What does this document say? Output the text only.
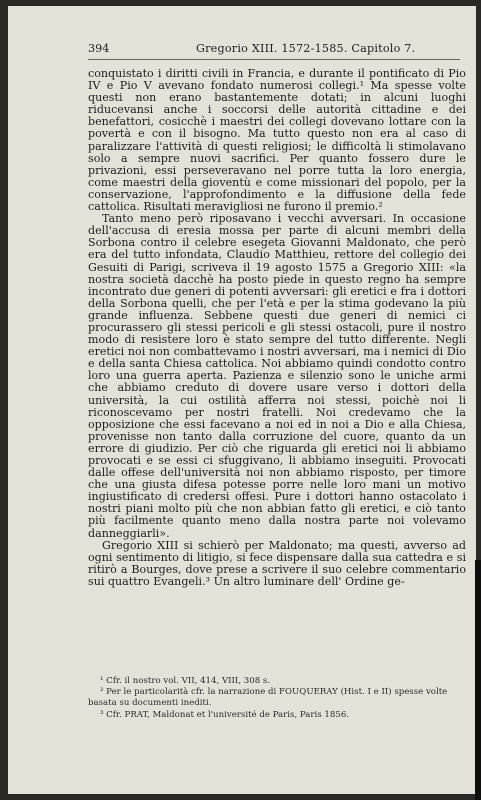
394	Gregorio XIII. 1572-1585. Capitolo 7.

conquistato i diritti civili in Francia, e durante il pontificato di Pio IV e Pio V avevano fondato numerosi collegi.¹ Ma spesse volte questi non erano bastantemente dotati; in alcuni luoghi riducevansi anche i soccorsi delle autorità cittadine e dei benefattori, cosicchè i maestri dei collegi dovevano lottare con la povertà e con il bisogno. Ma tutto questo non era al caso di paralizzare l'attività di questi religiosi; le difficoltà li stimolavano solo a sempre nuovi sacrifici. Per quanto fossero dure le privazioni, essi perseveravano nel porre tutta la loro energia, come maestri della gioventù e come missionari del popolo, per la conservazione, l'approfondimento e la diffusione della fede cattolica. Risultati meravigliosi ne furono il premio.²

Tanto meno però riposavano i vecchi avversari. In occasione dell'accusa di eresia mossa per parte di alcuni membri della Sorbona contro il celebre esegeta Giovanni Maldonato, che però era del tutto infondata, Claudio Matthieu, rettore del collegio dei Gesuiti di Parigi, scriveva il 19 agosto 1575 a Gregorio XIII: «la nostra società dacchè ha posto piede in questo regno ha sempre incontrato due generi di potenti avversari: gli eretici e fra i dottori della Sorbona quelli, che per l'età e per la stima godevano la più grande influenza. Sebbene questi due generi di nemici ci procurassero gli stessi pericoli e gli stessi ostacoli, pure il nostro modo di resistere loro è stato sempre del tutto differente. Negli eretici noi non combattevamo i nostri avversari, ma i nemici di Dio e della santa Chiesa cattolica. Noi abbiamo quindi condotto contro loro una guerra aperta. Pazienza e silenzio sono le uniche armi che abbiamo creduto di dovere usare verso i dottori della università, la cui ostilità afferra noi stessi, poichè noi li riconoscevamo per nostri fratelli. Noi credevamo che la opposizione che essi facevano a noi ed in noi a Dio e alla Chiesa, provenisse non tanto dalla corruzione del cuore, quanto da un errore di giudizio. Per ciò che riguarda gli eretici noi li abbiamo provocati e se essi ci sfuggivano, li abbiamo inseguiti. Provocati dalle offese dell'università noi non abbiamo risposto, per timore che una giusta difesa potesse porre nelle loro mani un motivo ingiustificato di credersi offesi. Pure i dottori hanno ostacolato i nostri piani molto più che non abbian fatto gli eretici, e ciò tanto più facilmente quanto meno dalla nostra parte noi volevamo danneggiarli».

Gregorio XIII si schierò per Maldonato; ma questi, avverso ad ogni sentimento di litigio, si fece dispensare dalla sua cattedra e si ritirò a Bourges, dove prese a scrivere il suo celebre commentario sui quattro Evangeli.³ Un altro luminare dell' Ordine ge-

¹ Cfr. il nostro vol. VII, 414, VIII, 308 s.

² Per le particolarità cfr. la narrazione di FOUQUERAY (Hist. I e II) spesse volte basata su documenti inediti.

³ Cfr. PRAT, Maldonat et l'université de Paris, Paris 1856.
